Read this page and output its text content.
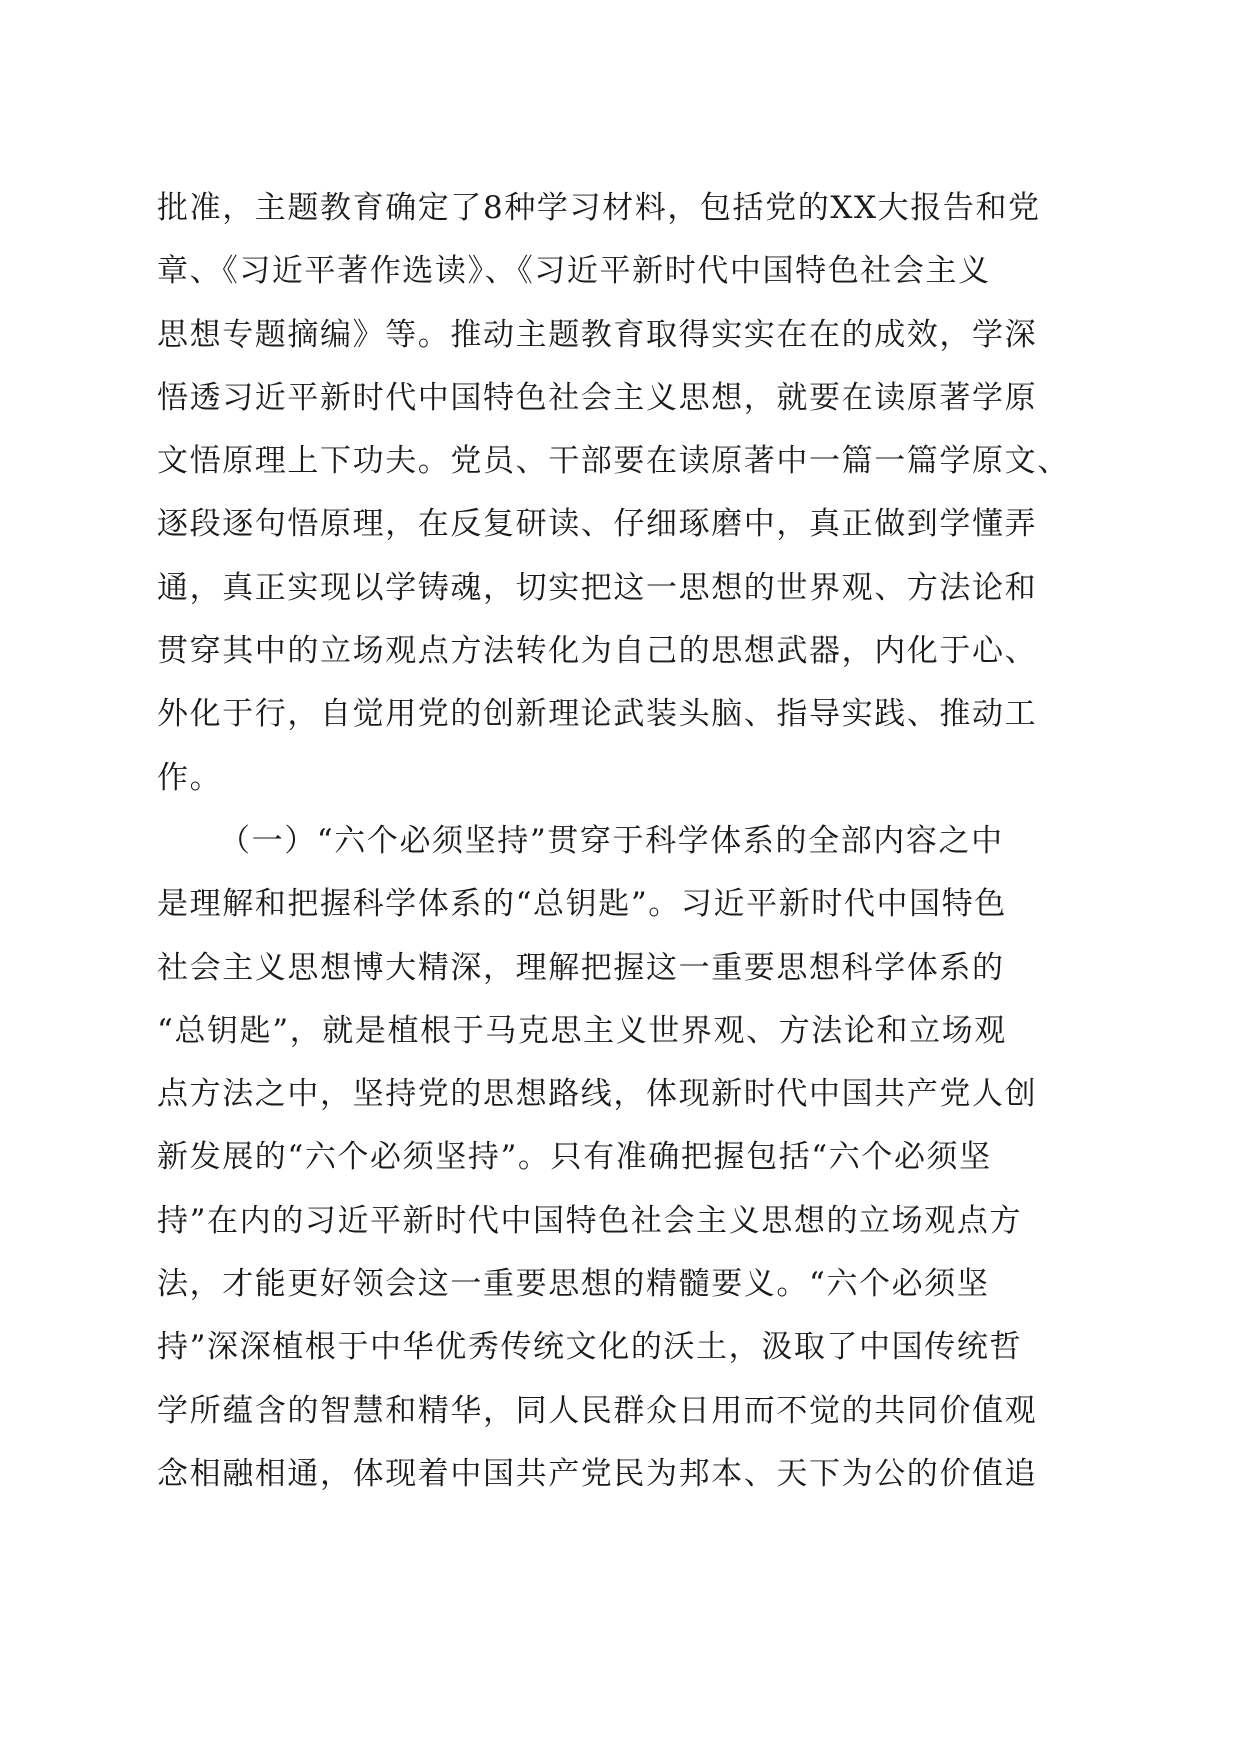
批准，主题教育确定了8种学习材料，包括党的XX大报告和党
章、《习近平著作选读》、《习近平新时代中国特色社会主义
思想专题摘编》等。推动主题教育取得实实在在的成效，学深
悟透习近平新时代中国特色社会主义思想，就要在读原著学原
文悟原理上下功夫。党员、干部要在读原著中一篇一篇学原文、
逐段逐句悟原理，在反复研读、仔细琢磨中，真正做到学懂弄
通，真正实现以学铸魂，切实把这一思想的世界观、方法论和
贯穿其中的立场观点方法转化为自己的思想武器，内化于心、
外化于行，自觉用党的创新理论武装头脑、指导实践、推动工
作。
（一）“六个必须坚持”贯穿于科学体系的全部内容之中
是理解和把握科学体系的“总钥匙”。习近平新时代中国特色
社会主义思想博大精深，理解把握这一重要思想科学体系的
“总钥匙”，就是植根于马克思主义世界观、方法论和立场观
点方法之中，坚持党的思想路线，体现新时代中国共产党人创
新发展的“六个必须坚持”。只有准确把握包括“六个必须坚
持”在内的习近平新时代中国特色社会主义思想的立场观点方
法，才能更好领会这一重要思想的精髓要义。“六个必须坚
持”深深植根于中华优秀传统文化的沃土，汲取了中国传统哲
学所蕴含的智慧和精华，同人民群众日用而不觉的共同价值观
念相融相通，体现着中国共产党民为邦本、天下为公的价值追
